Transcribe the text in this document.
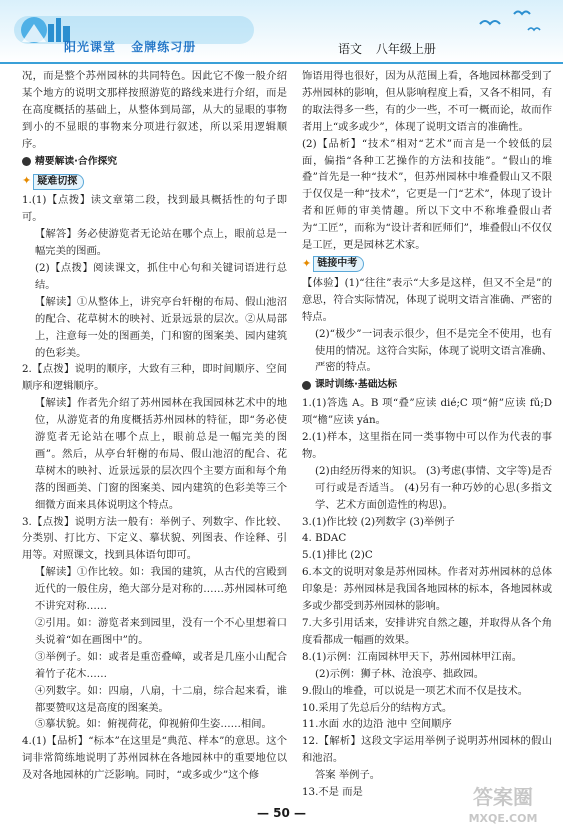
阳光课堂 金牌练习册	语文 八年级上册

况，而是整个苏州园林的共同特色。因此它不像一般介绍某个地方的说明文那样按照游览的路线来进行介绍，而是在高度概括的基础上，从整体到局部，从大的显眼的事物到小的不显眼的事物来分项进行叙述，所以采用逻辑顺序。

精要解读·合作探究
✦ 疑难切探

1.(1)【点拨】读文章第二段，找到最具概括性的句子即可。

【解答】务必使游览者无论站在哪个点上，眼前总是一幅完美的图画。

(2)【点拨】阅读课文，抓住中心句和关键词语进行总结。

【解读】①从整体上，讲究亭台轩榭的布局、假山池沼的配合、花草树木的映衬、近景远景的层次。②从局部上，注意每一处的图画美，门和窗的图案美、园内建筑的色彩美。

2.【点拨】说明的顺序，大致有三种，即时间顺序、空间顺序和逻辑顺序。

【解读】作者先介绍了苏州园林在我国园林艺术中的地位，从游览者的角度概括苏州园林的特征，即“务必使游览者无论站在哪个点上，眼前总是一幅完美的图画”。然后，从亭台轩榭的布局、假山池沼的配合、花草树木的映衬、近景远景的层次四个主要方面和每个角落的图画美、门窗的图案美、园内建筑的色彩美等三个细微方面来具体说明这个特点。

3.【点拨】说明方法一般有：举例子、列数字、作比较、分类别、打比方、下定义、摹状貌、列图表、作诠释、引用等。对照课文，找到具体语句即可。

【解读】①作比较。如：我国的建筑，从古代的宫殿到近代的一般住房，绝大部分是对称的……苏州园林可绝不讲究对称……

②引用。如：游览者来到园里，没有一个不心里想着口头说着“如在画图中”的。

③举例子。如：或者是重峦叠嶂，或者是几座小山配合着竹子花木……

④列数字。如：四扇，八扇，十二扇，综合起来看，谁都要赞叹这是高度的图案美。

⑤摹状貌。如：俯视荷花，仰视俯仰生姿……相间。

4.(1)【品析】“标本”在这里是“典范、样本”的意思。这个词非常简练地说明了苏州园林在各地园林中的重要地位以及对各地园林的广泛影响。同时，“或多或少”这个修

饰语用得也很好，因为从范围上看，各地园林都受到了苏州园林的影响，但从影响程度上看，又各不相同，有的取法得多一些，有的少一些，不可一概而论，故而作者用上“或多或少”，体现了说明文语言的准确性。

(2)【品析】“技术”相对“艺术”而言是一个较低的层面，偏指“各种工艺操作的方法和技能”。“假山的堆叠”首先是一种“技术”，但苏州园林中堆叠假山又不限于仅仅是一种“技术”，它更是一门“艺术”，体现了设计者和匠师的审美情趣。所以下文中不称堆叠假山者为“工匠”，而称为“设计者和匠师们”，堆叠假山不仅仅是工匠，更是园林艺术家。

✦ 链接中考

【体验】(1)“往往”表示“大多是这样，但又不全是”的意思，符合实际情况，体现了说明文语言准确、严密的特点。

(2)“极少”一词表示很少，但不是完全不使用，也有使用的情况。这符合实际，体现了说明文语言准确、严密的特点。

课时训练·基础达标

1.(1)答选 A。B 项“叠”应读 dié;C 项“俯”应读 fǔ;D 项“檐”应读 yán。

2.(1)样本，这里指在同一类事物中可以作为代表的事物。

(2)由经历得来的知识。 (3)考虑(事情、文字等)是否可行或是否适当。 (4)另有一种巧妙的心思(多指文学、艺术方面创造性的构思)。

3.(1)作比较 (2)列数字 (3)举例子

4. BDAC

5.(1)排比 (2)C

6.本文的说明对象是苏州园林。作者对苏州园林的总体印象是：苏州园林是我国各地园林的标本，各地园林或多或少都受到苏州园林的影响。

7.大多引用话来，安排讲究自然之趣，并取得从各个角度看都成一幅画的效果。

8.(1)示例：江南园林甲天下，苏州园林甲江南。

(2)示例：狮子林、沧浪亭、拙政园。

9.假山的堆叠，可以说是一项艺术而不仅是技术。

10.采用了先总后分的结构方式。

11.水面 水的边沿 池中 空间顺序

12.【解析】这段文字运用举例子说明苏州园林的假山和池沼。

答案 举例子。

13.不是 而是

— 50 —
答案圈
MXQE.COM
